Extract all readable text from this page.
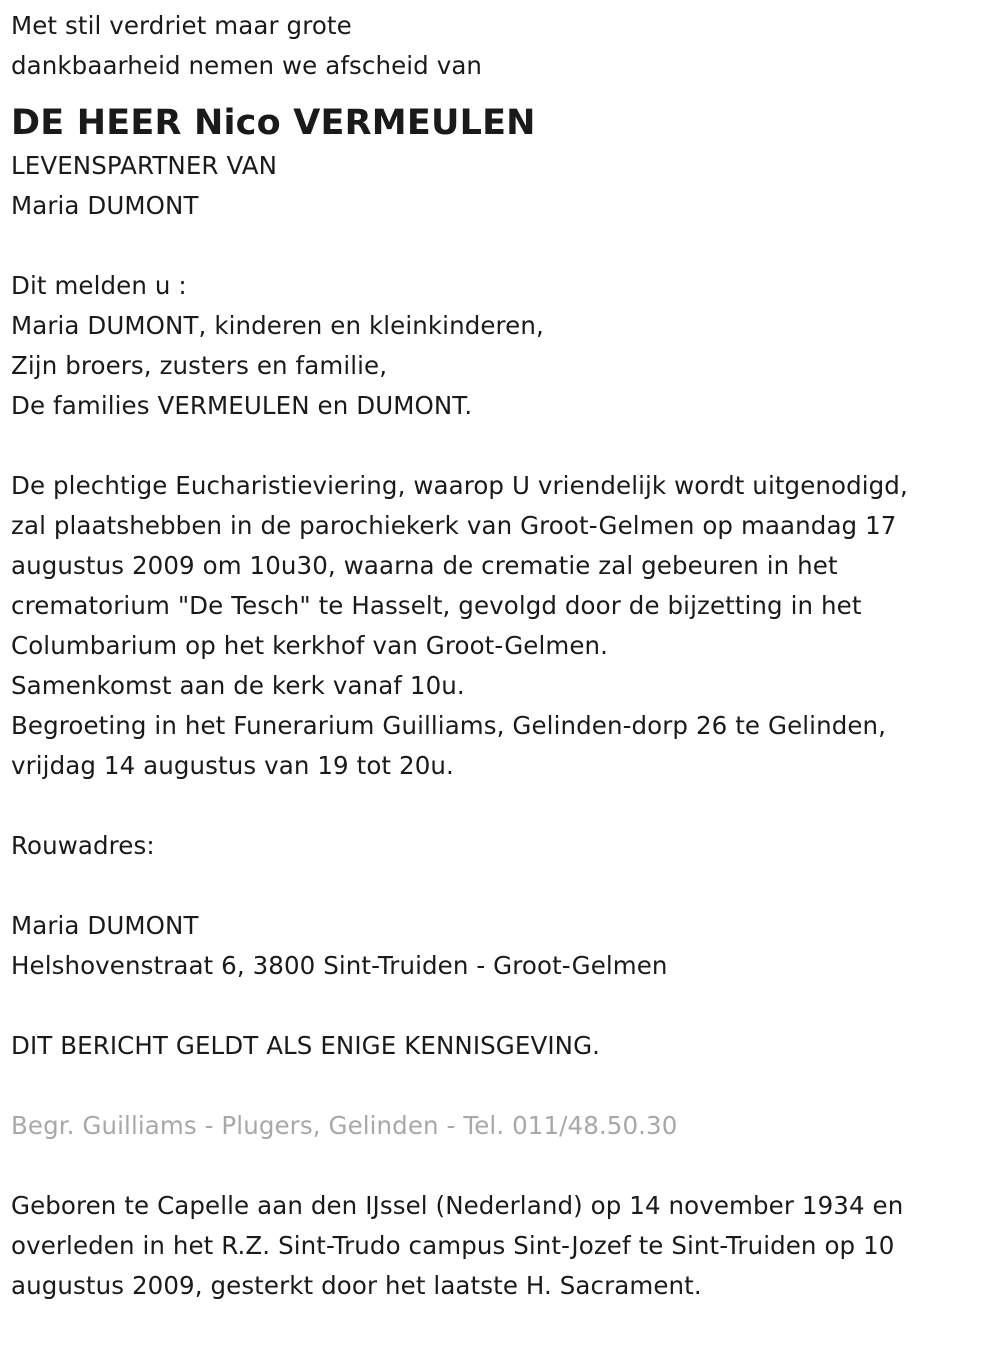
Met stil verdriet maar grote
dankbaarheid nemen we afscheid van
DE HEER Nico VERMEULEN
LEVENSPARTNER VAN
Maria DUMONT
Dit melden u :
Maria DUMONT, kinderen en kleinkinderen,
Zijn broers, zusters en familie,
De families VERMEULEN en DUMONT.
De plechtige Eucharistieviering, waarop U vriendelijk wordt uitgenodigd,
zal plaatshebben in de parochiekerk van Groot-Gelmen op maandag 17
augustus 2009 om 10u30, waarna de crematie zal gebeuren in het
crematorium "De Tesch" te Hasselt, gevolgd door de bijzetting in het
Columbarium op het kerkhof van Groot-Gelmen.
Samenkomst aan de kerk vanaf 10u.
Begroeting in het Funerarium Guilliams, Gelinden-dorp 26 te Gelinden,
vrijdag 14 augustus van 19 tot 20u.
Rouwadres:
Maria DUMONT
Helshovenstraat 6, 3800 Sint-Truiden - Groot-Gelmen
DIT BERICHT GELDT ALS ENIGE KENNISGEVING.
Begr. Guilliams - Plugers, Gelinden - Tel. 011/48.50.30
Geboren te Capelle aan den IJssel (Nederland) op 14 november 1934 en
overleden in het R.Z. Sint-Trudo campus Sint-Jozef te Sint-Truiden op 10
augustus 2009, gesterkt door het laatste H. Sacrament.
